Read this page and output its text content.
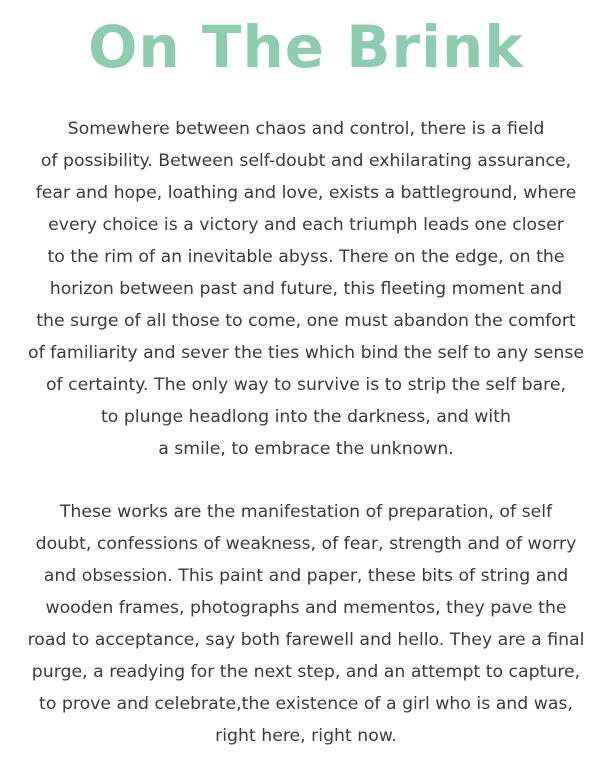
On The Brink
Somewhere between chaos and control, there is a field
of possibility. Between self-doubt and exhilarating assurance,
fear and hope, loathing and love, exists a battleground, where
every choice is a victory and each triumph leads one closer
to the rim of an inevitable abyss. There on the edge, on the
horizon between past and future, this fleeting moment and
the surge of all those to come, one must abandon the comfort
of familiarity and sever the ties which bind the self to any sense
of certainty. The only way to survive is to strip the self bare,
to plunge headlong into the darkness, and with
a smile, to embrace the unknown.
These works are the manifestation of preparation, of self
doubt, confessions of weakness, of fear, strength and of worry
and obsession. This paint and paper, these bits of string and
wooden frames, photographs and mementos, they pave the
road to acceptance, say both farewell and hello. They are a final
purge, a readying for the next step, and an attempt to capture,
to prove and celebrate,the existence of a girl who is and was,
right here, right now.
